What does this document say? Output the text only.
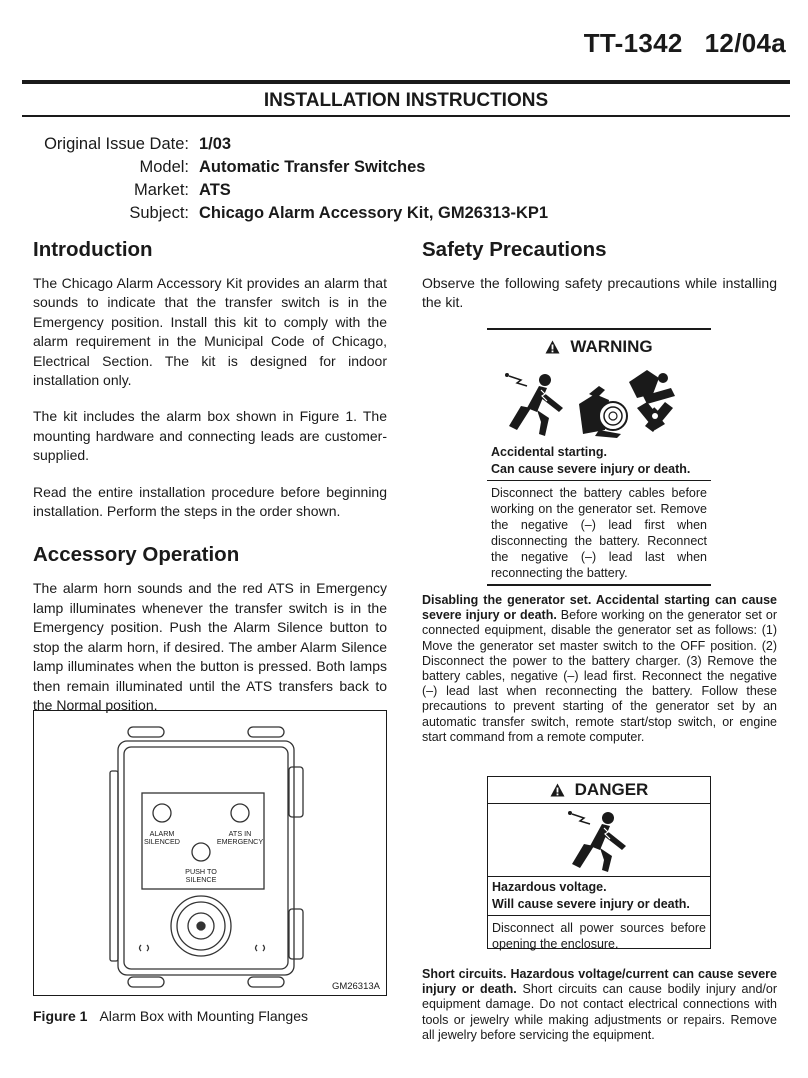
TT-1342 12/04a
INSTALLATION INSTRUCTIONS
Original Issue Date: 1/03
Model: Automatic Transfer Switches
Market: ATS
Subject: Chicago Alarm Accessory Kit, GM26313-KP1
Introduction

The Chicago Alarm Accessory Kit provides an alarm that sounds to indicate that the transfer switch is in the Emergency position. Install this kit to comply with the alarm requirement in the Municipal Code of Chicago, Electrical Section. The kit is designed for indoor installation only.

The kit includes the alarm box shown in Figure 1. The mounting hardware and connecting leads are customer-supplied.

Read the entire installation procedure before beginning installation. Perform the steps in the order shown.

Accessory Operation

The alarm horn sounds and the red ATS in Emergency lamp illuminates whenever the transfer switch is in the Emergency position. Push the Alarm Silence button to stop the alarm horn, if desired. The amber Alarm Silence lamp illuminates when the button is pressed. Both lamps then remain illuminated until the ATS transfers back to the Normal position.

ALARM
SILENCED
ATS IN
EMERGENCY
PUSH TO
SILENCE
GM26313A
Figure 1 Alarm Box with Mounting Flanges
Safety Precautions

Observe the following safety precautions while installing the kit.

WARNING
Accidental starting.
Can cause severe injury or death.
Disconnect the battery cables before working on the generator set. Remove the negative (–) lead first when disconnecting the battery. Reconnect the negative (–) lead last when reconnecting the battery.
Disabling the generator set. Accidental starting can cause severe injury or death. Before working on the generator set or connected equipment, disable the generator set as follows: (1) Move the generator set master switch to the OFF position. (2) Disconnect the power to the battery charger. (3) Remove the battery cables, negative (–) lead first. Reconnect the negative (–) lead last when reconnecting the battery. Follow these precautions to prevent starting of the generator set by an automatic transfer switch, remote start/stop switch, or engine start command from a remote computer.
DANGER
Hazardous voltage.
Will cause severe injury or death.
Disconnect all power sources before opening the enclosure.
Short circuits. Hazardous voltage/current can cause severe injury or death. Short circuits can cause bodily injury and/or equipment damage. Do not contact electrical connections with tools or jewelry while making adjustments or repairs. Remove all jewelry before servicing the equipment.
